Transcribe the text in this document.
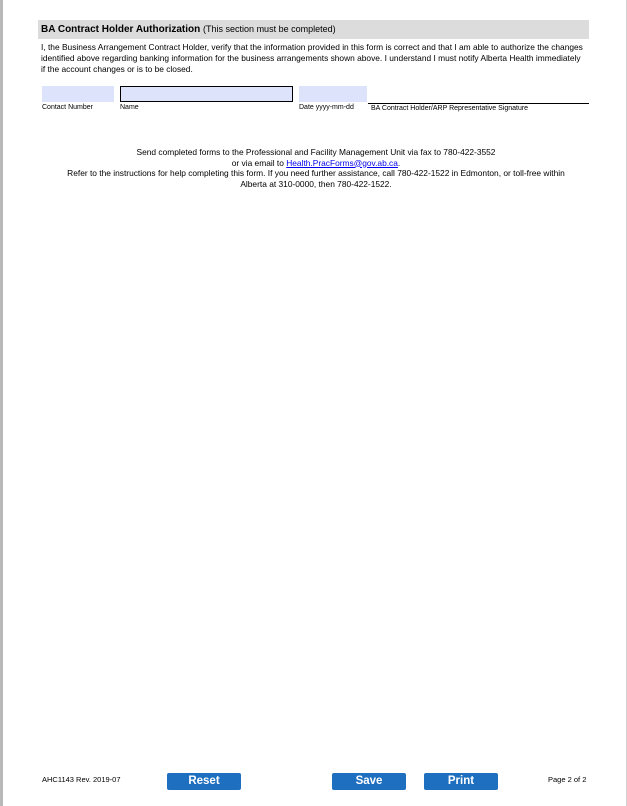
BA Contract Holder Authorization (This section must be completed)
I, the Business Arrangement Contract Holder, verify that the information provided in this form is correct and that I am able to authorize the changes identified above regarding banking information for the business arrangements shown above. I understand I must notify Alberta Health immediately if the account changes or is to be closed.
Contact Number	Name	Date yyyy-mm-dd BA Contract Holder/ARP Representative Signature
Send completed forms to the Professional and Facility Management Unit via fax to 780-422-3552
or via email to Health.PracForms@gov.ab.ca.
Refer to the instructions for help completing this form. If you need further assistance, call 780-422-1522 in Edmonton, or toll-free within
Alberta at 310-0000, then 780-422-1522.
AHC1143 Rev. 2019-07	Reset	Save	Print	Page 2 of 2
